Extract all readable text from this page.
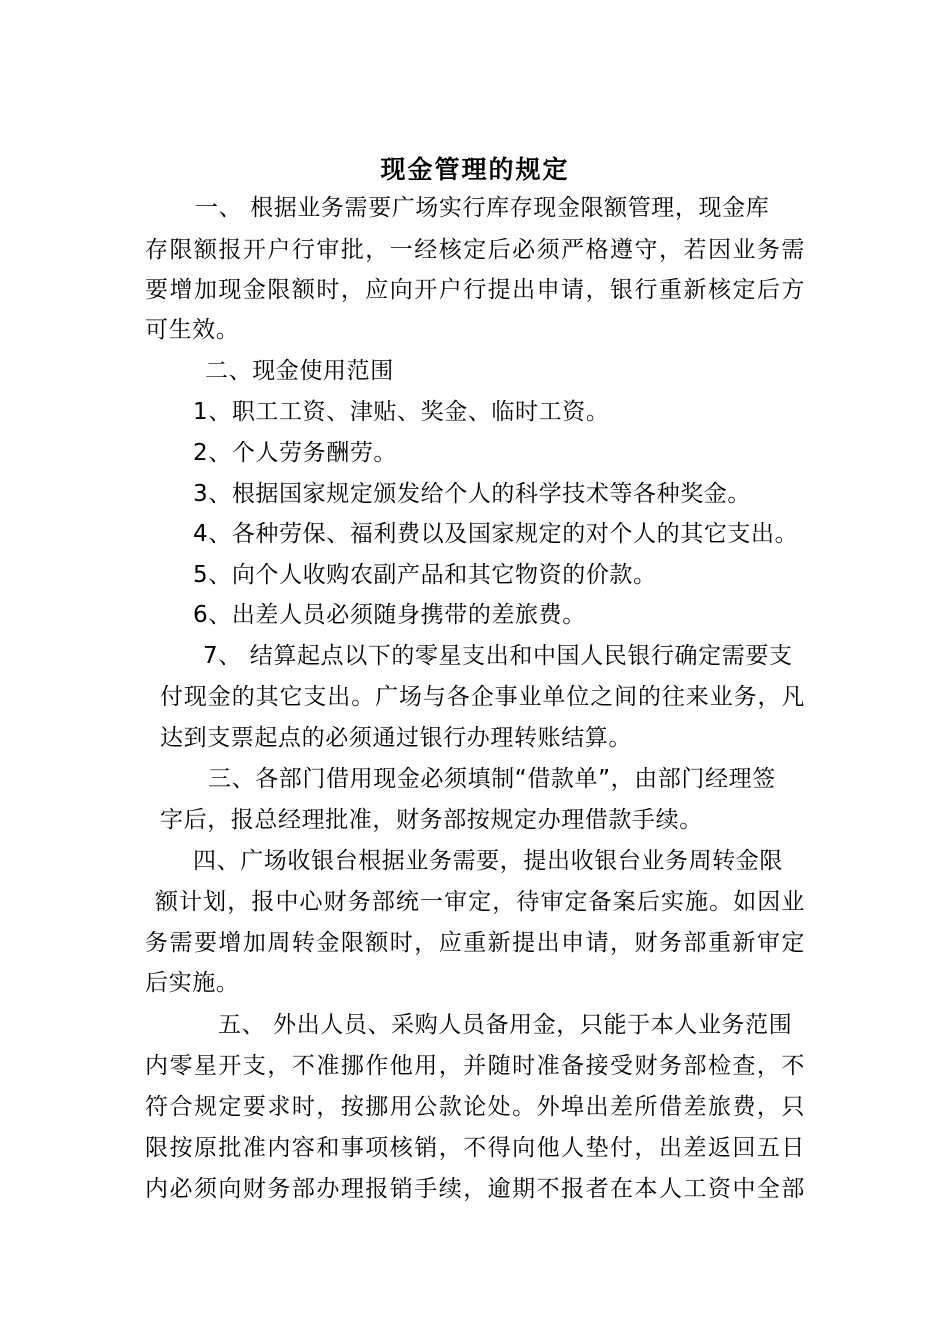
现金管理的规定
一、 根据业务需要广场实行库存现金限额管理，现金库
存限额报开户行审批，一经核定后必须严格遵守，若因业务需
要增加现金限额时，应向开户行提出申请，银行重新核定后方
可生效。
二、现金使用范围
1、职工工资、津贴、奖金、临时工资。
2、个人劳务酬劳。
3、根据国家规定颁发给个人的科学技术等各种奖金。
4、各种劳保、福利费以及国家规定的对个人的其它支出。
5、向个人收购农副产品和其它物资的价款。
6、出差人员必须随身携带的差旅费。
7、 结算起点以下的零星支出和中国人民银行确定需要支
付现金的其它支出。广场与各企事业单位之间的往来业务，凡
达到支票起点的必须通过银行办理转账结算。
三、各部门借用现金必须填制“借款单”，由部门经理签
字后，报总经理批准，财务部按规定办理借款手续。
四、广场收银台根据业务需要，提出收银台业务周转金限
额计划，报中心财务部统一审定，待审定备案后实施。如因业
务需要增加周转金限额时，应重新提出申请，财务部重新审定
后实施。
五、 外出人员、采购人员备用金，只能于本人业务范围
内零星开支，不准挪作他用，并随时准备接受财务部检查，不
符合规定要求时，按挪用公款论处。外埠出差所借差旅费，只
限按原批准内容和事项核销，不得向他人垫付，出差返回五日
内必须向财务部办理报销手续，逾期不报者在本人工资中全部
